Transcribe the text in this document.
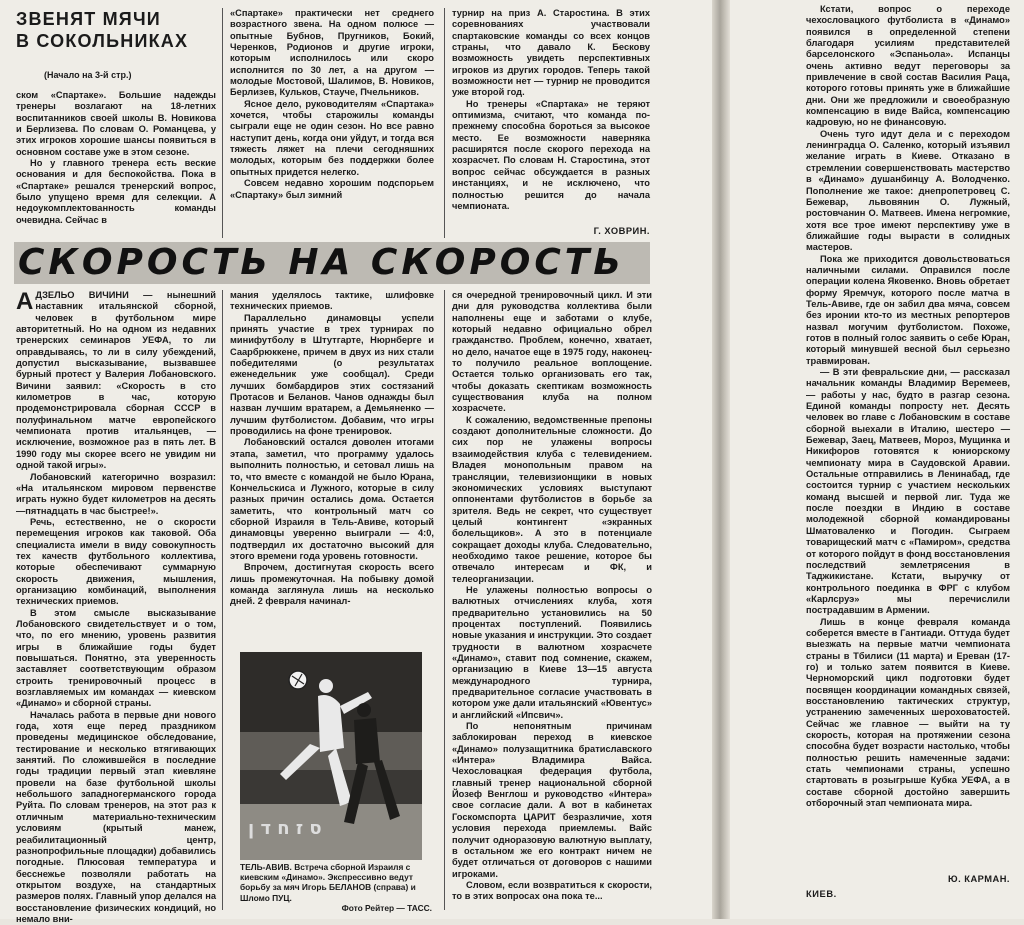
ЗВЕНЯТ МЯЧИ
В СОКОЛЬНИКАХ
(Начало на 3-й стр.)

ском «Спартаке». Большие надежды тренеры возлагают на 18-летних воспитанников своей школы В. Новикова и Берлизева. По словам О. Романцева, у этих игроков хорошие шансы появиться в основном составе уже в этом сезоне.

Но у главного тренера есть веские основания и для беспокойства. Пока в «Спартаке» решался тренерский вопрос, было упущено время для селекции. А недоукомплектованность команды очевидна. Сейчас в

«Спартаке» практически нет среднего возрастного звена. На одном полюсе — опытные Бубнов, Пругников, Бокий, Черенков, Родионов и другие игроки, которым исполнилось или скоро исполнится по 30 лет, а на другом — молодые Мостовой, Шалимов, В. Новиков, Берлизев, Кульков, Стауче, Пчельников.

Ясное дело, руководителям «Спартака» хочется, чтобы старожилы команды сыграли еще не один сезон. Но все равно наступит день, когда они уйдут, и тогда вся тяжесть ляжет на плечи сегодняшних молодых, которым без поддержки более опытных придется нелегко.

Совсем недавно хорошим подспорьем «Спартаку» был зимний

турнир на приз А. Старостина. В этих соревнованиях участвовали спартаковские команды со всех концов страны, что давало К. Бескову возможность увидеть перспективных игроков из других городов. Теперь такой возможности нет — турнир не проводится уже второй год.

Но тренеры «Спартака» не теряют оптимизма, считают, что команда по-прежнему способна бороться за высокое место. Ее возможности наверняка расширятся после скорого перехода на хозрасчет. По словам Н. Старостина, этот вопрос сейчас обсуждается в разных инстанциях, и не исключено, что полностью решится до начала чемпионата.

Г. ХОВРИН.

СКОРОСТЬ НА СКОРОСТЬ

АДЗЕЛЬО ВИЧИНИ — нынешний наставник итальянской сборной, человек в футбольном мире авторитетный. Но на одном из недавних тренерских семинаров УЕФА, то ли оправдываясь, то ли в силу убеждений, допустил высказывание, вызвавшее бурный протест у Валерия Лобановского. Вичини заявил: «Скорость в сто километров в час, которую продемонстрировала сборная СССР в полуфинальном матче европейского чемпионата против итальянцев, — исключение, возможное раз в пять лет. В 1990 году мы скорее всего не увидим ни одной такой игры».

Лобановский категорично возразил: «На итальянском мировом первенстве играть нужно будет километров на десять—пятнадцать в час быстрее!».

Речь, естественно, не о скорости перемещения игроков как таковой. Оба специалиста имели в виду совокупность тех качеств футбольного коллектива, которые обеспечивают суммарную скорость движения, мышления, организацию комбинаций, выполнения технических приемов.

В этом смысле высказывание Лобановского свидетельствует и о том, что, по его мнению, уровень развития игры в ближайшие годы будет повышаться. Понятно, эта уверенность заставляет соответствующим образом строить тренировочный процесс в возглавляемых им командах — киевском «Динамо» и сборной страны.

Началась работа в первые дни нового года, хотя еще перед праздником проведены медицинское обследование, тестирование и несколько втягивающих занятий. По сложившейся в последние годы традиции первый этап киевляне провели на базе футбольной школы небольшого западногерманского города Руйта. По словам тренеров, на этот раз к отличным материально-техническим условиям (крытый манеж, реабилитационный центр, разнопрофильные площадки) добавились погодные. Плюсовая температура и бесснежье позволяли работать на открытом воздухе, на стандартных размеров полях. Главный упор делался на восстановление физических кондиций, но немало вни-

мания уделялось тактике, шлифовке технических приемов.

Параллельно динамовцы успели принять участие в трех турнирах по минифутболу в Штутгарте, Нюрнберге и Саарбрюккене, причем в двух из них стали победителями (о результатах еженедельник уже сообщал). Среди лучших бомбардиров этих состязаний Протасов и Беланов. Чанов однажды был назван лучшим вратарем, а Демьяненко — лучшим футболистом. Добавим, что игры проводились на фоне тренировок.

Лобановский остался доволен итогами этапа, заметил, что программу удалось выполнить полностью, и сетовал лишь на то, что вместе с командой не было Юрана, Кончельскиса и Лужного, которые в силу разных причин остались дома. Остается заметить, что контрольный матч со сборной Израиля в Тель-Авиве, который динамовцы уверенно выиграли — 4:0, подтвердил их достаточно высокий для этого времени года уровень готовности.

Впрочем, достигнутая скорость всего лишь промежуточная. На побывку домой команда заглянула лишь на несколько дней. 2 февраля начинал-

ся очередной тренировочный цикл. И эти дни для руководства коллектива были наполнены еще и заботами о клубе, который недавно официально обрел гражданство. Проблем, конечно, хватает, но дело, начатое еще в 1975 году, наконец-то получило реальное воплощение. Остается только организовать его так, чтобы доказать скептикам возможность существования клуба на полном хозрасчете.

К сожалению, ведомственные препоны создают дополнительные сложности. До сих пор не улажены вопросы взаимодействия клуба с телевидением. Владея монопольным правом на трансляции, телевизионщики в новых экономических условиях выступают оппонентами футболистов в борьбе за зрителя. Ведь не секрет, что существует целый контингент «экранных болельщиков». А это в потенциале сокращает доходы клуба. Следовательно, необходимо такое решение, которое бы отвечало интересам и ФК, и телеорганизации.

Не улажены полностью вопросы о валютных отчислениях клуба, хотя предварительно установились на 50 процентах поступлений. Появились новые указания и инструкции. Это создает трудности в валютном хозрасчете «Динамо», ставит под сомнение, скажем, организацию в Киеве 13—15 августа международного турнира, предварительное согласие участвовать в котором уже дали итальянский «Ювентус» и английский «Ипсвич».

По непонятным причинам заблокирован переход в киевское «Динамо» полузащитника братиславского «Интера» Владимира Вайса. Чехословацкая федерация футбола, главный тренер национальной сборной Йозеф Венглош и руководство «Интера» свое согласие дали. А вот в кабинетах Госкомспорта ЦАРИТ безразличие, хотя условия перехода приемлемы. Вайс получит одноразовую валютную выплату, в остальном же его контракт ничем не будет отличаться от договоров с нашими игроками.

Словом, если возвратиться к скорости, то в этих вопросах она пока те...

‏ס ז ח ד ן
ТЕЛЬ-АВИВ. Встреча сборной Израиля с киевским «Динамо». Экспрессивно ведут борьбу за мяч Игорь БЕЛАНОВ (справа) и Шломо ПУЦ.
Фото Рейтер — ТАСС.

Кстати, вопрос о переходе чехословацкого футболиста в «Динамо» появился в определенной степени благодаря усилиям представителей барселонского «Эспаньола». Испанцы очень активно ведут переговоры за привлечение в свой состав Василия Раца, которого готовы принять уже в ближайшие дни. Они же предложили и своеобразную компенсацию в виде Вайса, компенсацию кадровую, но не финансовую.

Очень туго идут дела и с переходом ленинградца О. Саленко, который изъявил желание играть в Киеве. Отказано в стремлении совершенствовать мастерство в «Динамо» душанбинцу А. Володченко. Пополнение же такое: днепропетровец С. Бежевар, львовянин О. Лужный, ростовчанин О. Матвеев. Имена негромкие, хотя все трое имеют перспективу уже в ближайшие годы вырасти в солидных мастеров.

Пока же приходится довольствоваться наличными силами. Оправился после операции колена Яковенко. Вновь обретает форму Яремчук, которого после матча в Тель-Авиве, где он забил два мяча, совсем без иронии кто-то из местных репортеров назвал могучим футболистом. Похоже, готов в полный голос заявить о себе Юран, который минувшей весной был серьезно травмирован.

— В эти февральские дни, — рассказал начальник команды Владимир Веремеев, — работы у нас, будто в разгар сезона. Единой команды попросту нет. Десять человек во главе с Лобановским в составе сборной выехали в Италию, шестеро — Бежевар, Заец, Матвеев, Мороз, Мущинка и Никифоров готовятся к юниорскому чемпионату мира в Саудовской Аравии. Остальные отправились в Ленинабад, где состоится турнир с участием нескольких команд высшей и первой лиг. Туда же после поездки в Индию в составе молодежной сборной командированы Шматоваленко и Погодин. Сыграем товарищеский матч с «Памиром», средства от которого пойдут в фонд восстановления последствий землетрясения в Таджикистане. Кстати, выручку от контрольного поединка в ФРГ с клубом «Карлсруэ» мы перечислили пострадавшим в Армении.

Лишь в конце февраля команда соберется вместе в Гантиади. Оттуда будет выезжать на первые матчи чемпионата страны в Тбилиси (11 марта) и Ереван (17-го) и только затем появится в Киеве. Черноморский цикл подготовки будет посвящен координации командных связей, восстановлению тактических структур, устранению замеченных шероховатостей. Сейчас же главное — выйти на ту скорость, которая на протяжении сезона способна будет возрасти настолько, чтобы полностью решить намеченные задачи: стать чемпионами страны, успешно стартовать в розыгрыше Кубка УЕФА, а в составе сборной достойно завершить отборочный этап чемпионата мира.

Ю. КАРМАН.

КИЕВ.
